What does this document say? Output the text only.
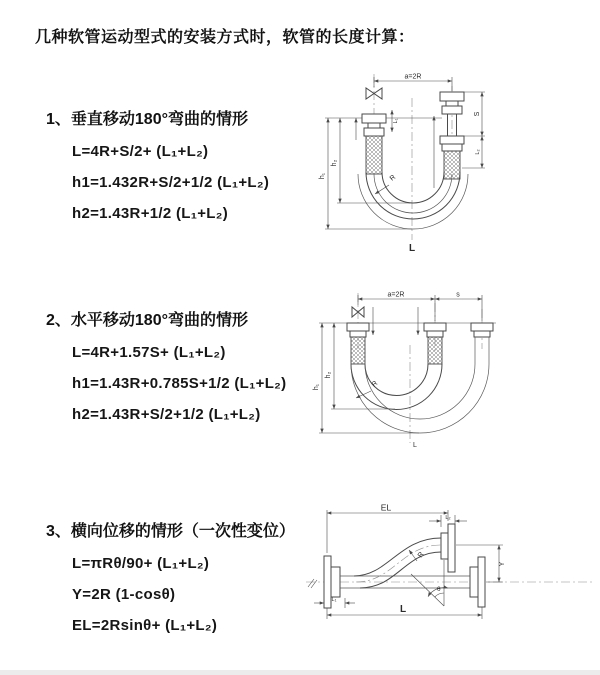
几种软管运动型式的安装方式时，软管的长度计算：
1、垂直移动180°弯曲的情形
L=4R+S/2+ (L₁+L₂)
h1=1.432R+S/2+1/2 (L₁+L₂)
h2=1.43R+1/2 (L₁+L₂)
2、水平移动180°弯曲的情形
L=4R+1.57S+ (L₁+L₂)
h1=1.43R+0.785S+1/2 (L₁+L₂)
h2=1.43R+S/2+1/2 (L₁+L₂)
3、横向位移的情形（一次性变位）
L=πRθ/90+ (L₁+L₂)
Y=2R (1-cosθ)
EL=2Rsinθ+ (L₁+L₂)
a=2R
h₁
h₂
S
L₂
L₁
R
L
a=2R	s
h₁
h₂
R
L
EL
L₂
Y
θ
R
L₁
L
